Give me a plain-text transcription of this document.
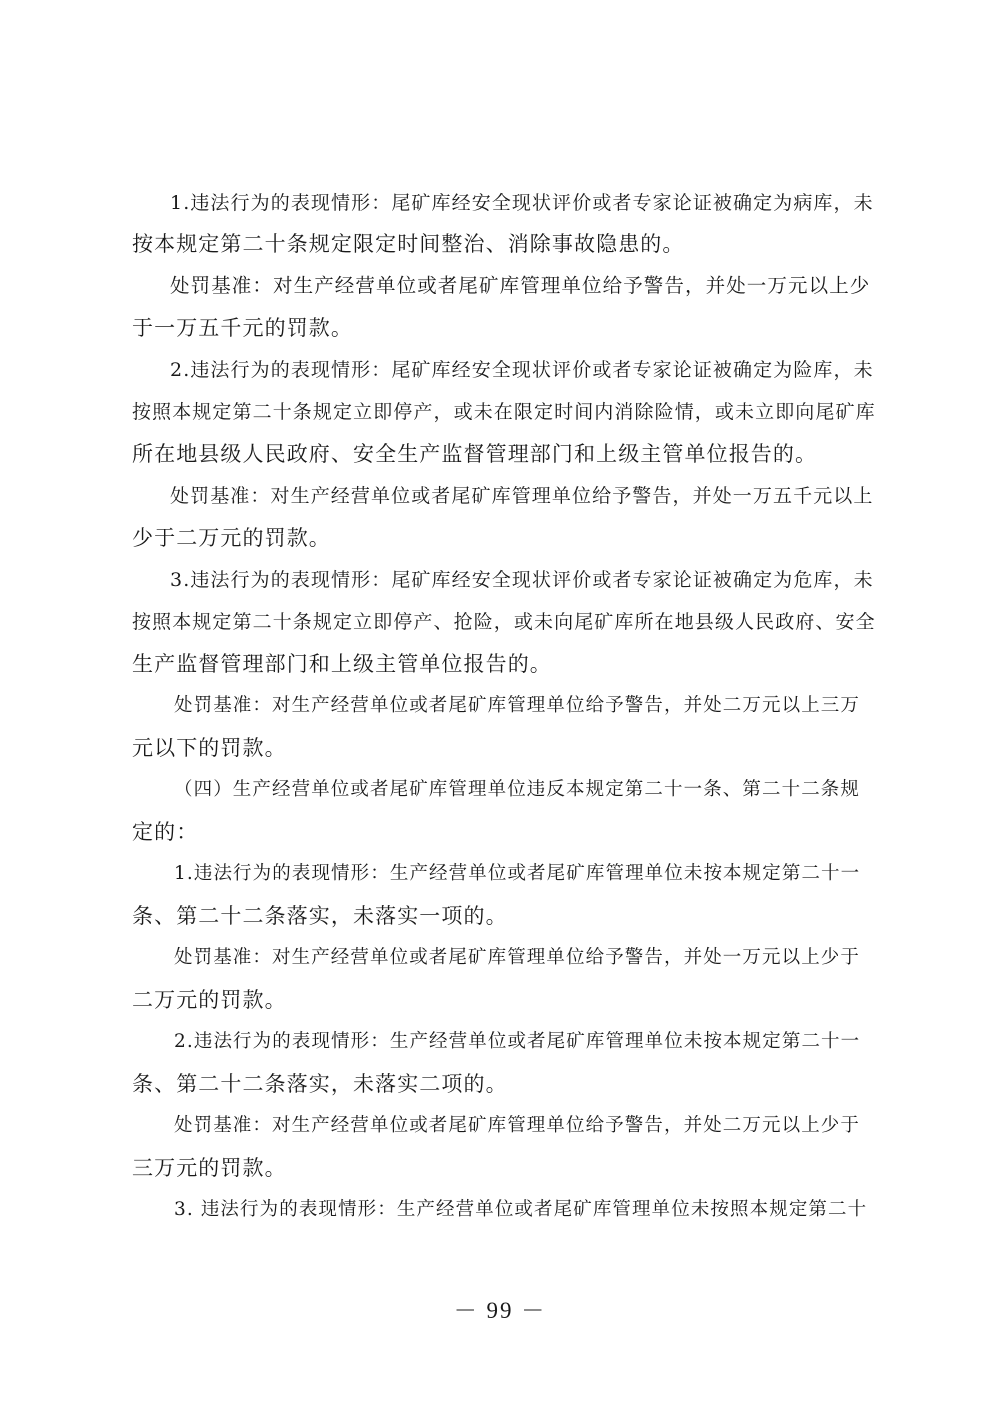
1.违法行为的表现情形：尾矿库经安全现状评价或者专家论证被确定为病库，未
按本规定第二十条规定限定时间整治、消除事故隐患的。
处罚基准：对生产经营单位或者尾矿库管理单位给予警告，并处一万元以上少
于一万五千元的罚款。
2.违法行为的表现情形：尾矿库经安全现状评价或者专家论证被确定为险库，未
按照本规定第二十条规定立即停产，或未在限定时间内消除险情，或未立即向尾矿库
所在地县级人民政府、安全生产监督管理部门和上级主管单位报告的。
处罚基准：对生产经营单位或者尾矿库管理单位给予警告，并处一万五千元以上
少于二万元的罚款。
3.违法行为的表现情形：尾矿库经安全现状评价或者专家论证被确定为危库，未
按照本规定第二十条规定立即停产、抢险，或未向尾矿库所在地县级人民政府、安全
生产监督管理部门和上级主管单位报告的。
处罚基准：对生产经营单位或者尾矿库管理单位给予警告，并处二万元以上三万
元以下的罚款。
（四）生产经营单位或者尾矿库管理单位违反本规定第二十一条、第二十二条规
定的：
1.违法行为的表现情形：生产经营单位或者尾矿库管理单位未按本规定第二十一
条、第二十二条落实，未落实一项的。
处罚基准：对生产经营单位或者尾矿库管理单位给予警告，并处一万元以上少于
二万元的罚款。
2.违法行为的表现情形：生产经营单位或者尾矿库管理单位未按本规定第二十一
条、第二十二条落实，未落实二项的。
处罚基准：对生产经营单位或者尾矿库管理单位给予警告，并处二万元以上少于
三万元的罚款。
3. 违法行为的表现情形：生产经营单位或者尾矿库管理单位未按照本规定第二十
－ 99 －
